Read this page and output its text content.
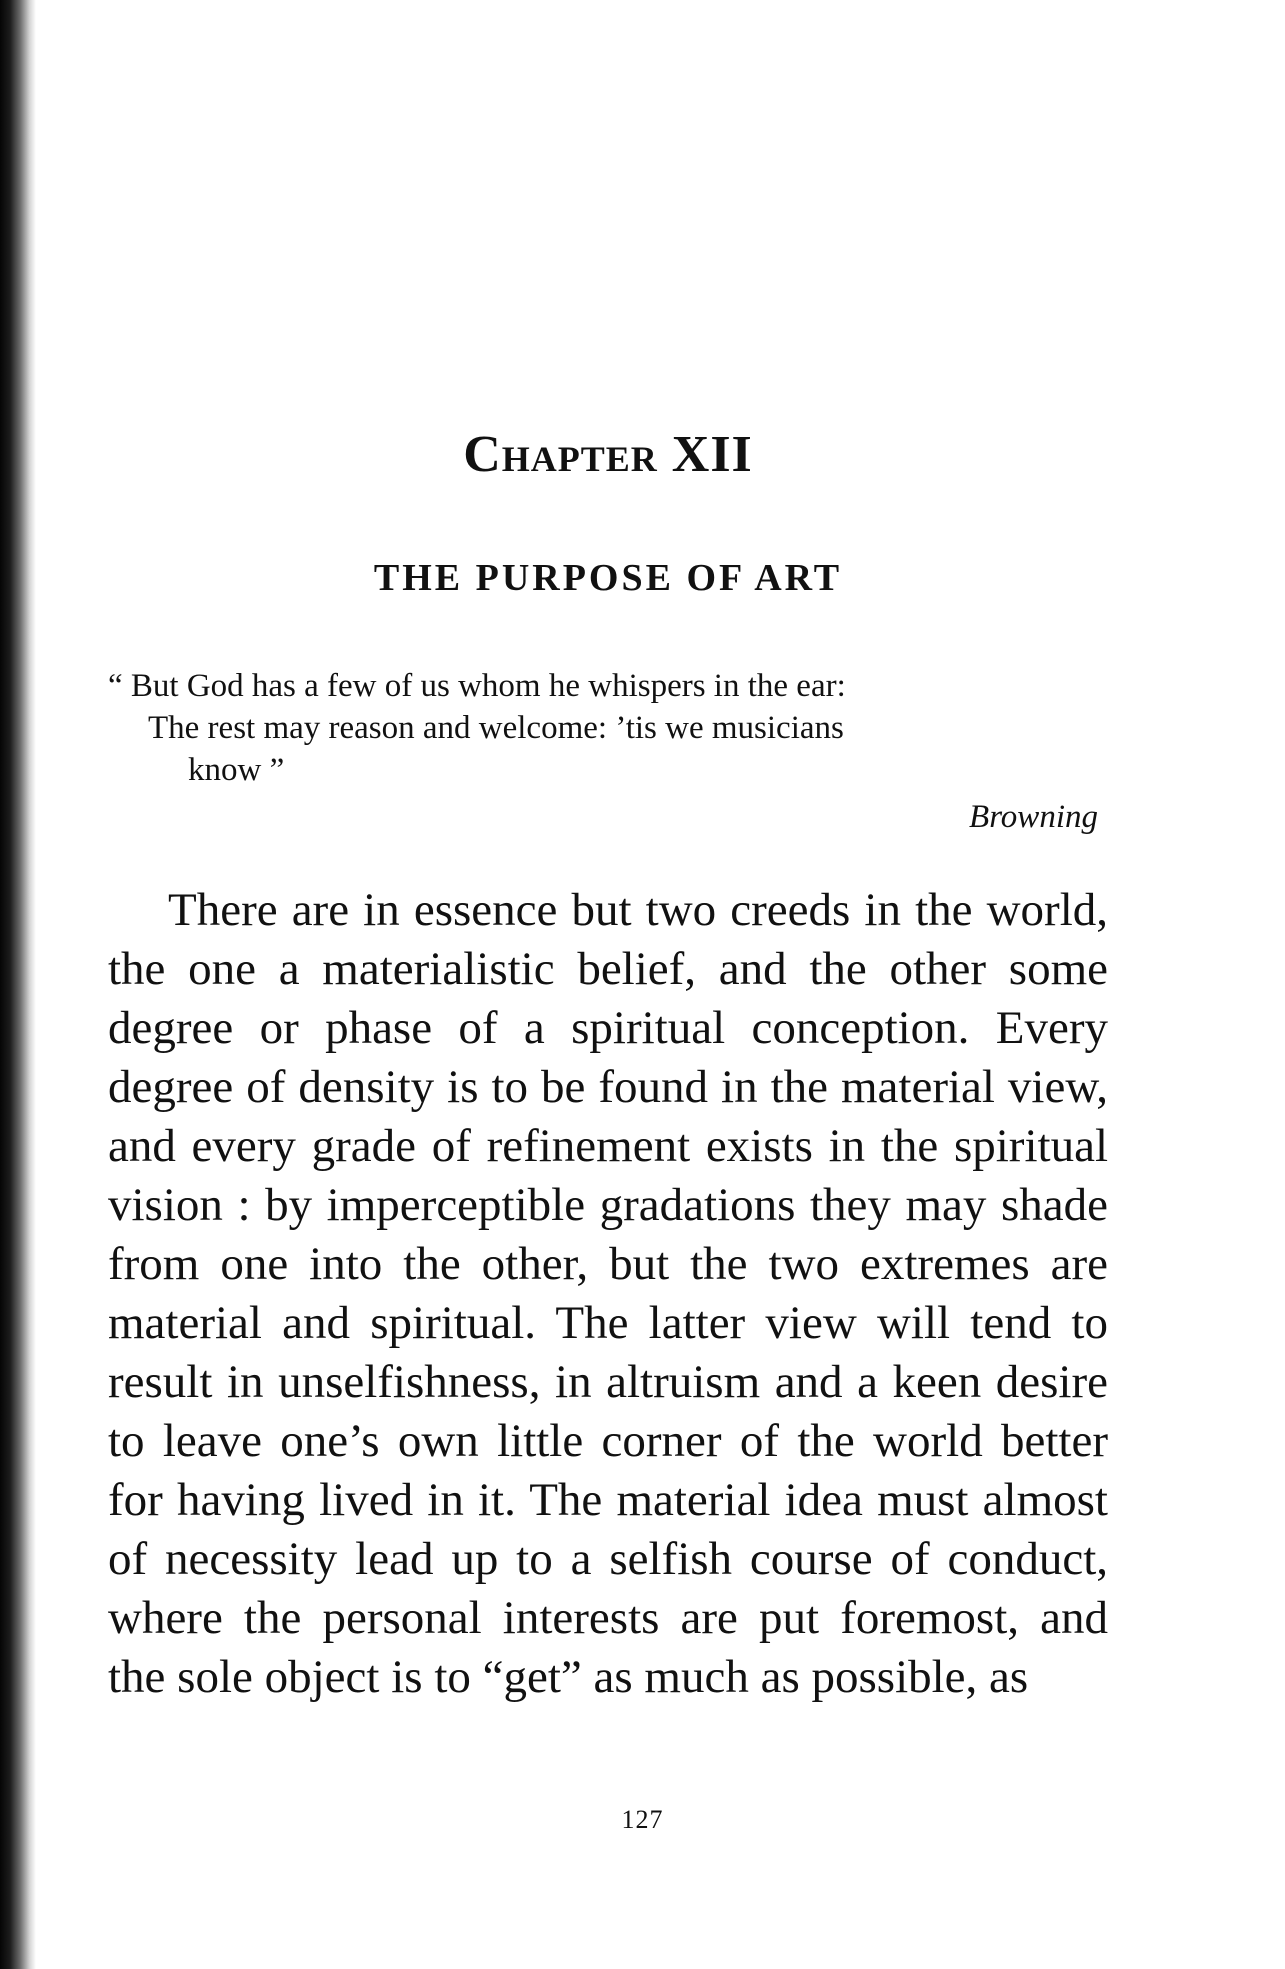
Chapter XII
THE PURPOSE OF ART
“ But God has a few of us whom he whispers in the ear:
The rest may reason and welcome: ’tis we musicians
know ”
Browning

There are in essence but two creeds in the world, the one a materialistic belief, and the other some degree or phase of a spiritual conception. Every degree of density is to be found in the material view, and every grade of refinement exists in the spiritual vision : by imperceptible gradations they may shade from one into the other, but the two extremes are material and spiritual. The latter view will tend to result in unselfishness, in altruism and a keen desire to leave one’s own little corner of the world better for having lived in it. The material idea must almost of necessity lead up to a selfish course of conduct, where the personal interests are put foremost, and the sole object is to “get” as much as possible, as

127
